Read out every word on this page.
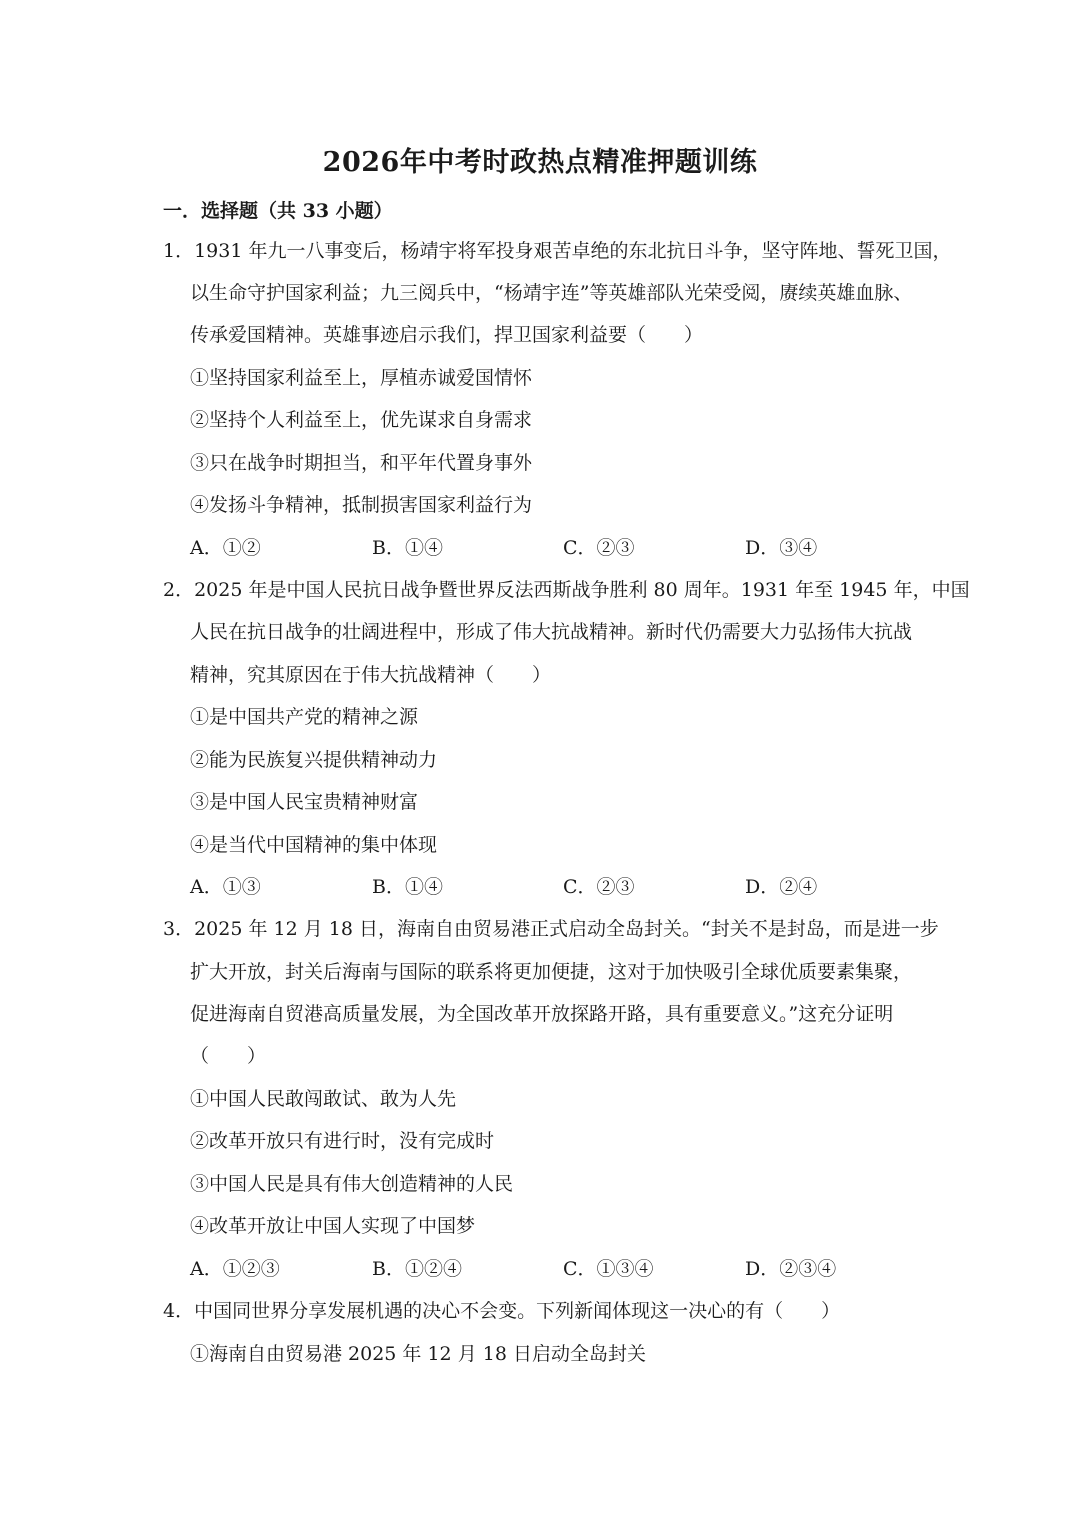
2026年中考时政热点精准押题训练
一．选择题（共 33 小题）
1．1931 年九一八事变后，杨靖宇将军投身艰苦卓绝的东北抗日斗争，坚守阵地、誓死卫国，
以生命守护国家利益；九三阅兵中，“杨靖宇连”等英雄部队光荣受阅，赓续英雄血脉、
传承爱国精神。英雄事迹启示我们，捍卫国家利益要（　　）
①坚持国家利益至上，厚植赤诚爱国情怀
②坚持个人利益至上，优先谋求自身需求
③只在战争时期担当，和平年代置身事外
④发扬斗争精神，抵制损害国家利益行为
A．①②	B．①④	C．②③	D．③④
2．2025 年是中国人民抗日战争暨世界反法西斯战争胜利 80 周年。1931 年至 1945 年，中国
人民在抗日战争的壮阔进程中，形成了伟大抗战精神。新时代仍需要大力弘扬伟大抗战
精神，究其原因在于伟大抗战精神（　　）
①是中国共产党的精神之源
②能为民族复兴提供精神动力
③是中国人民宝贵精神财富
④是当代中国精神的集中体现
A．①③	B．①④	C．②③	D．②④
3．2025 年 12 月 18 日，海南自由贸易港正式启动全岛封关。“封关不是封岛，而是进一步
扩大开放，封关后海南与国际的联系将更加便捷，这对于加快吸引全球优质要素集聚，
促进海南自贸港高质量发展，为全国改革开放探路开路，具有重要意义。”这充分证明
（　　）
①中国人民敢闯敢试、敢为人先
②改革开放只有进行时，没有完成时
③中国人民是具有伟大创造精神的人民
④改革开放让中国人实现了中国梦
A．①②③	B．①②④	C．①③④	D．②③④
4．中国同世界分享发展机遇的决心不会变。下列新闻体现这一决心的有（　　）
①海南自由贸易港 2025 年 12 月 18 日启动全岛封关
